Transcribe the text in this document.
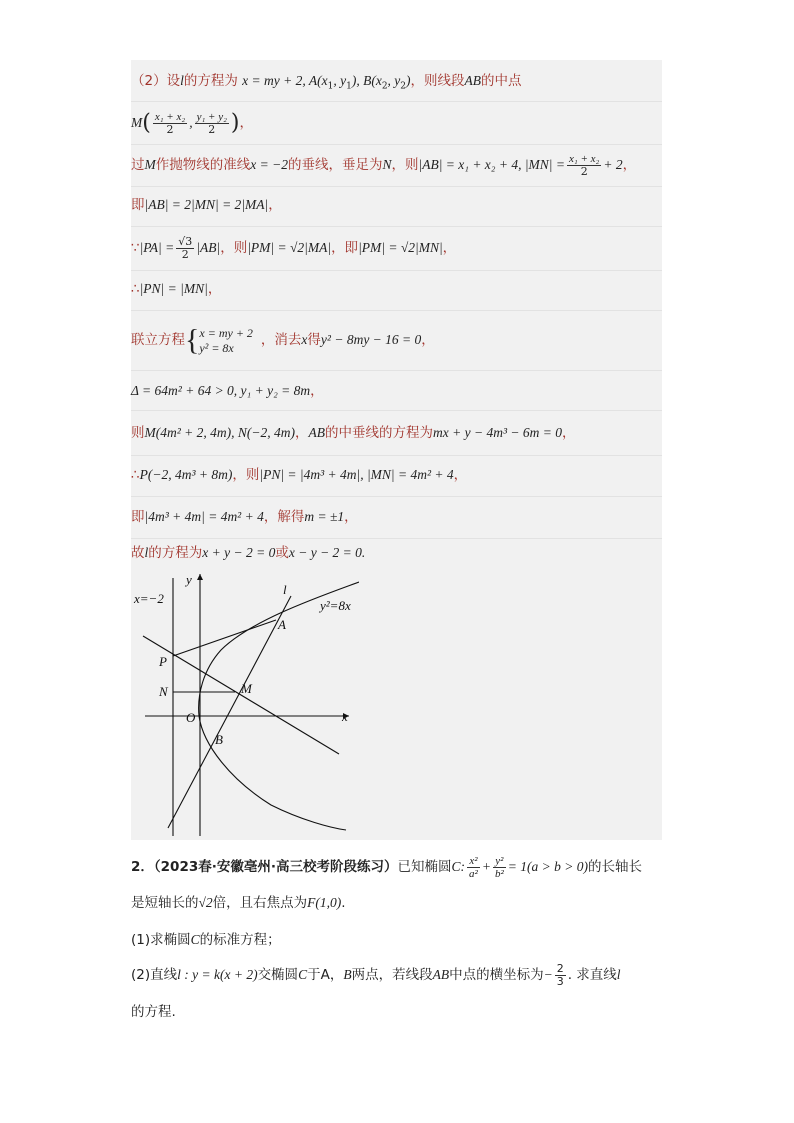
（2）设l的方程为 x = my + 2, $A(x_1$, $y_1$), $B(x_2$, $y_2$)，则线段AB的中点
$M( \frac{\text{x₁ + x₂}}{2}$ , $\frac{\text{y₁ + y₂}}{2}$ )，
过M作抛物线的准线x = −2的垂线，垂足为N，则|AB| = x₁ + x₂ + 4, $|MN| = \frac{\text{x₁ + x₂}}{2} + 2$，
即|AB| = 2|MN| = 2|MA|，
∵|PA| = $\frac{√3}{2} |AB|$，则|PM| = √2|MA|，即|PM| = √2|MN|，
∴|PN| = |MN|，
联立方程{ x = my + 2
y² = 8x	，消去x得y² − 8my − 16 = 0，
Δ = 64m² + 64 > 0, y₁ + y₂ = 8m，
则M(4m² + 2, 4m), N(−2, 4m)，AB的中垂线的方程为mx + y − 4m³ − 6m = 0，
∴P(−2, 4m³ + 8m)，则|PN| = |4m³ + 4m|, |MN| = 4m² + 4，
即|4m³ + 4m| = 4m² + 4，解得m = ±1，
故l的方程为x + y − 2 = 0或x − y − 2 = 0.
x=−2	y²=8x
y
x
l
A
B
P
N	M
O
2．（2023春·安徽亳州·高三校考阶段练习）已知椭圆C: $\frac{\text{x²}}{\text{a²}} + \frac{\text{y²}}{\text{b²}} = 1(a > b > 0)$的长轴长
是短轴长的√2倍，且右焦点为F(1,0).
(1)求椭圆C的标准方程；
(2)直线l : y = k(x + 2)交椭圆C于A，B两点，若线段AB中点的横坐标为− $\frac{2}{3}$ . 求直线l
的方程.
